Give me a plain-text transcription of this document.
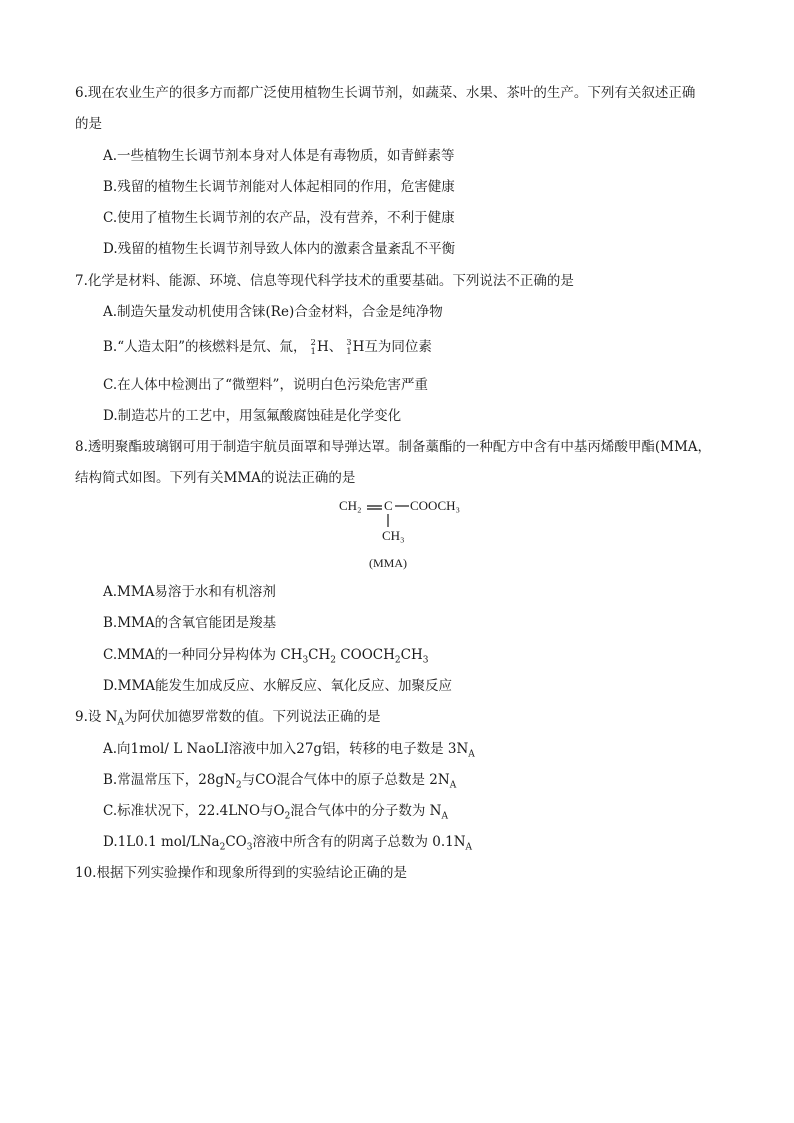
6.现在农业生产的很多方而都广泛使用植物生长调节剂，如蔬菜、水果、茶叶的生产。下列有关叙述正确
的是
A.一些植物生长调节剂本身对人体是有毒物质，如青鲜素等
B.残留的植物生长调节剂能对人体起相同的作用，危害健康
C.使用了植物生长调节剂的农产品，没有营养，不利于健康
D.残留的植物生长调节剂导致人体内的激素含量紊乱不平衡
7.化学是材料、能源、环境、信息等现代科学技术的重要基础。下列说法不正确的是
A.制造矢量发动机使用含铼(Re)合金材料，合金是纯净物
B.“人造太阳”的核燃料是氘、氚， 2
1 H、 3
1 H互为同位素
C.在人体中检测出了“微塑料”，说明白色污染危害严重
D.制造芯片的工艺中，用氢氟酸腐蚀硅是化学变化
8.透明聚酯玻璃钢可用于制造宇航员面罩和导弹达罩。制备藁酯的一种配方中含有中基丙烯酸甲酯(MMA，
结构简式如图。下列有关MMA的说法正确的是
CH₂ C COOCH₃
CH₃
(MMA)
A.MMA易溶于水和有机溶剂
B.MMA的含氧官能团是羧基
C.MMA的一种同分异构体为 $CH_3CH_2$ $COOCH_2CH_3$
D.MMA能发生加成反应、水解反应、氧化反应、加聚反应
9.设 $N_A$为阿伏加德罗常数的值。下列说法正确的是
A.向1mol/ L NaoLI溶液中加入27g铝，转移的电子数是 $3N_A$
B.常温常压下，$28gN_2$与CO混合气体中的原子总数是 $2N_A$
C.标准状况下，22.4LNO与$O_2$混合气体中的分子数为 $N_A$
D.1L0.1 mol/$LNa_2CO_3$溶液中所含有的阴离子总数为 $0.1N_A$
10.根据下列实验操作和现象所得到的实验结论正确的是
